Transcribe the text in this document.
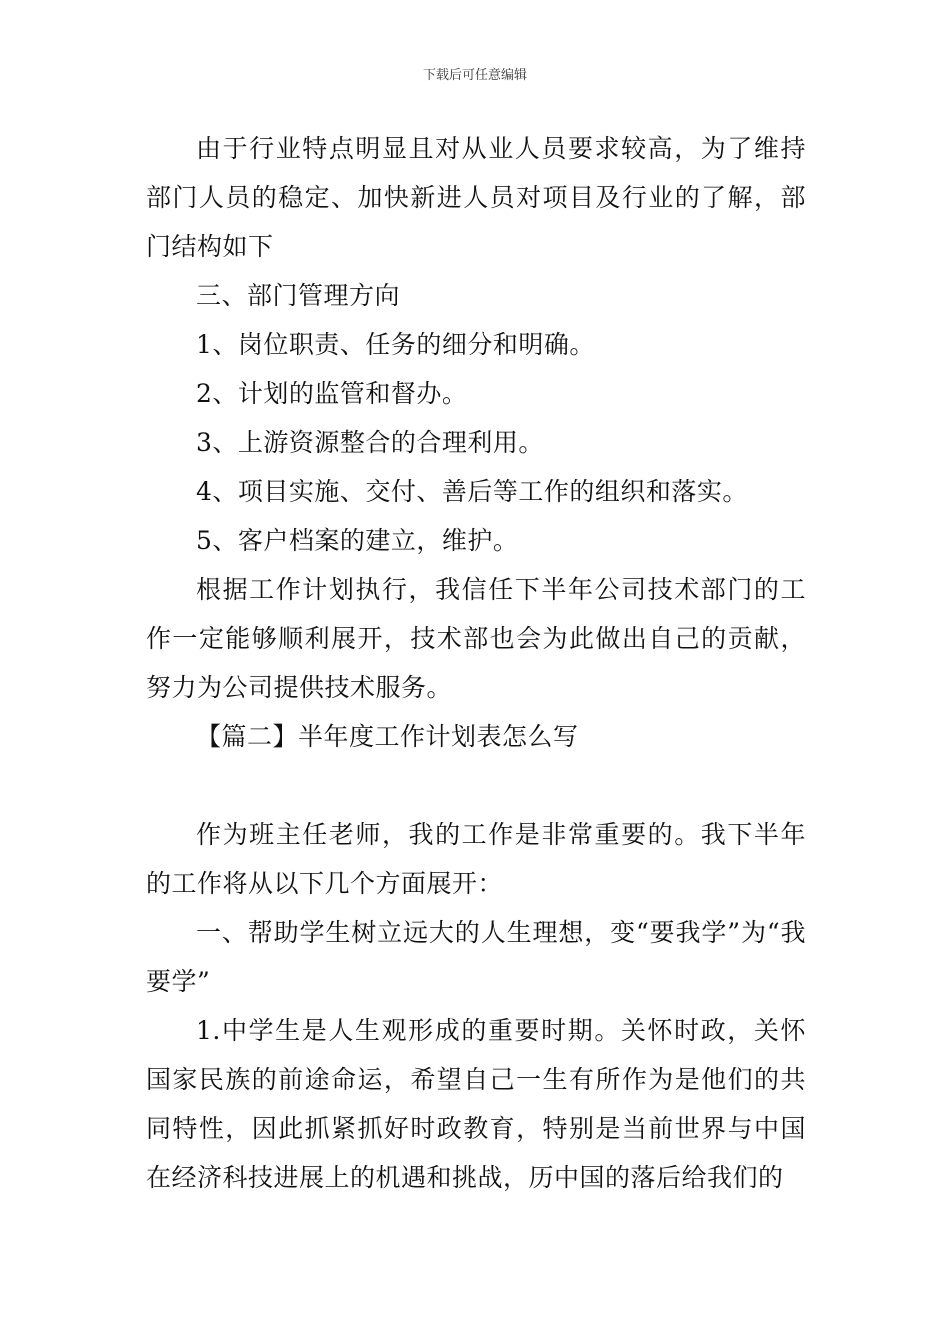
下载后可任意编辑

由于行业特点明显且对从业人员要求较高，为了维持部门人员的稳定、加快新进人员对项目及行业的了解，部门结构如下

三、部门管理方向

1、岗位职责、任务的细分和明确。

2、计划的监管和督办。

3、上游资源整合的合理利用。

4、项目实施、交付、善后等工作的组织和落实。

5、客户档案的建立，维护。

根据工作计划执行，我信任下半年公司技术部门的工作一定能够顺利展开，技术部也会为此做出自己的贡献，努力为公司提供技术服务。

【篇二】半年度工作计划表怎么写

作为班主任老师，我的工作是非常重要的。我下半年的工作将从以下几个方面展开：

一、帮助学生树立远大的人生理想，变“要我学”为“我要学”

1.中学生是人生观形成的重要时期。关怀时政，关怀国家民族的前途命运，希望自己一生有所作为是他们的共同特性，因此抓紧抓好时政教育，特别是当前世界与中国在经济科技进展上的机遇和挑战，历中国的落后给我们的
